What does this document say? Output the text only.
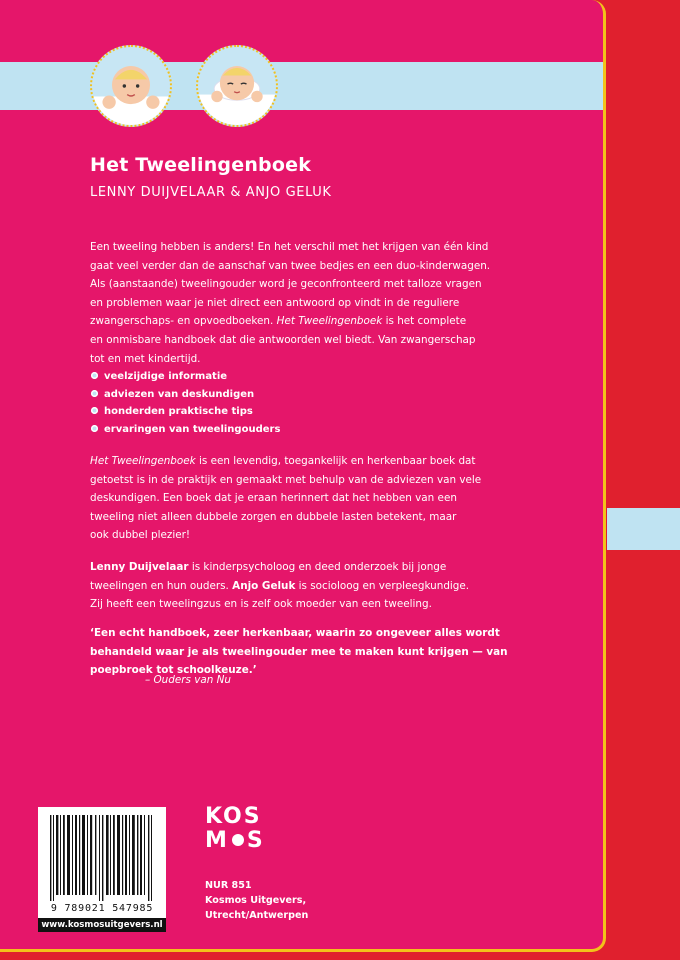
Het Tweelingenboek
LENNY DUIJVELAAR & ANJO GELUK

Een tweeling hebben is anders! En het verschil met het krijgen van één kind

gaat veel verder dan de aanschaf van twee bedjes en een duo-kinderwagen.

Als (aanstaande) tweelingouder word je geconfronteerd met talloze vragen

en problemen waar je niet direct een antwoord op vindt in de reguliere

zwangerschaps- en opvoedboeken. Het Tweelingenboek is het complete

en onmisbare handboek dat die antwoorden wel biedt. Van zwangerschap

tot en met kindertijd.

veelzijdige informatie
adviezen van deskundigen
honderden praktische tips
ervaringen van tweelingouders

Het Tweelingenboek is een levendig, toegankelijk en herkenbaar boek dat

getoetst is in de praktijk en gemaakt met behulp van de adviezen van vele

deskundigen. Een boek dat je eraan herinnert dat het hebben van een

tweeling niet alleen dubbele zorgen en dubbele lasten betekent, maar

ook dubbel plezier!

Lenny Duijvelaar is kinderpsycholoog en deed onderzoek bij jonge

tweelingen en hun ouders. Anjo Geluk is socioloog en verpleegkundige.

Zij heeft een tweelingzus en is zelf ook moeder van een tweeling.

‘Een echt handboek, zeer herkenbaar, waarin zo ongeveer alles wordt

behandeld waar je als tweelingouder mee te maken kunt krijgen — van

poepbroek tot schoolkeuze.’

– Ouders van Nu
9 789021 547985
www.kosmosuitgevers.nl
KOS
M S
NUR 851
Kosmos Uitgevers,
Utrecht/Antwerpen
